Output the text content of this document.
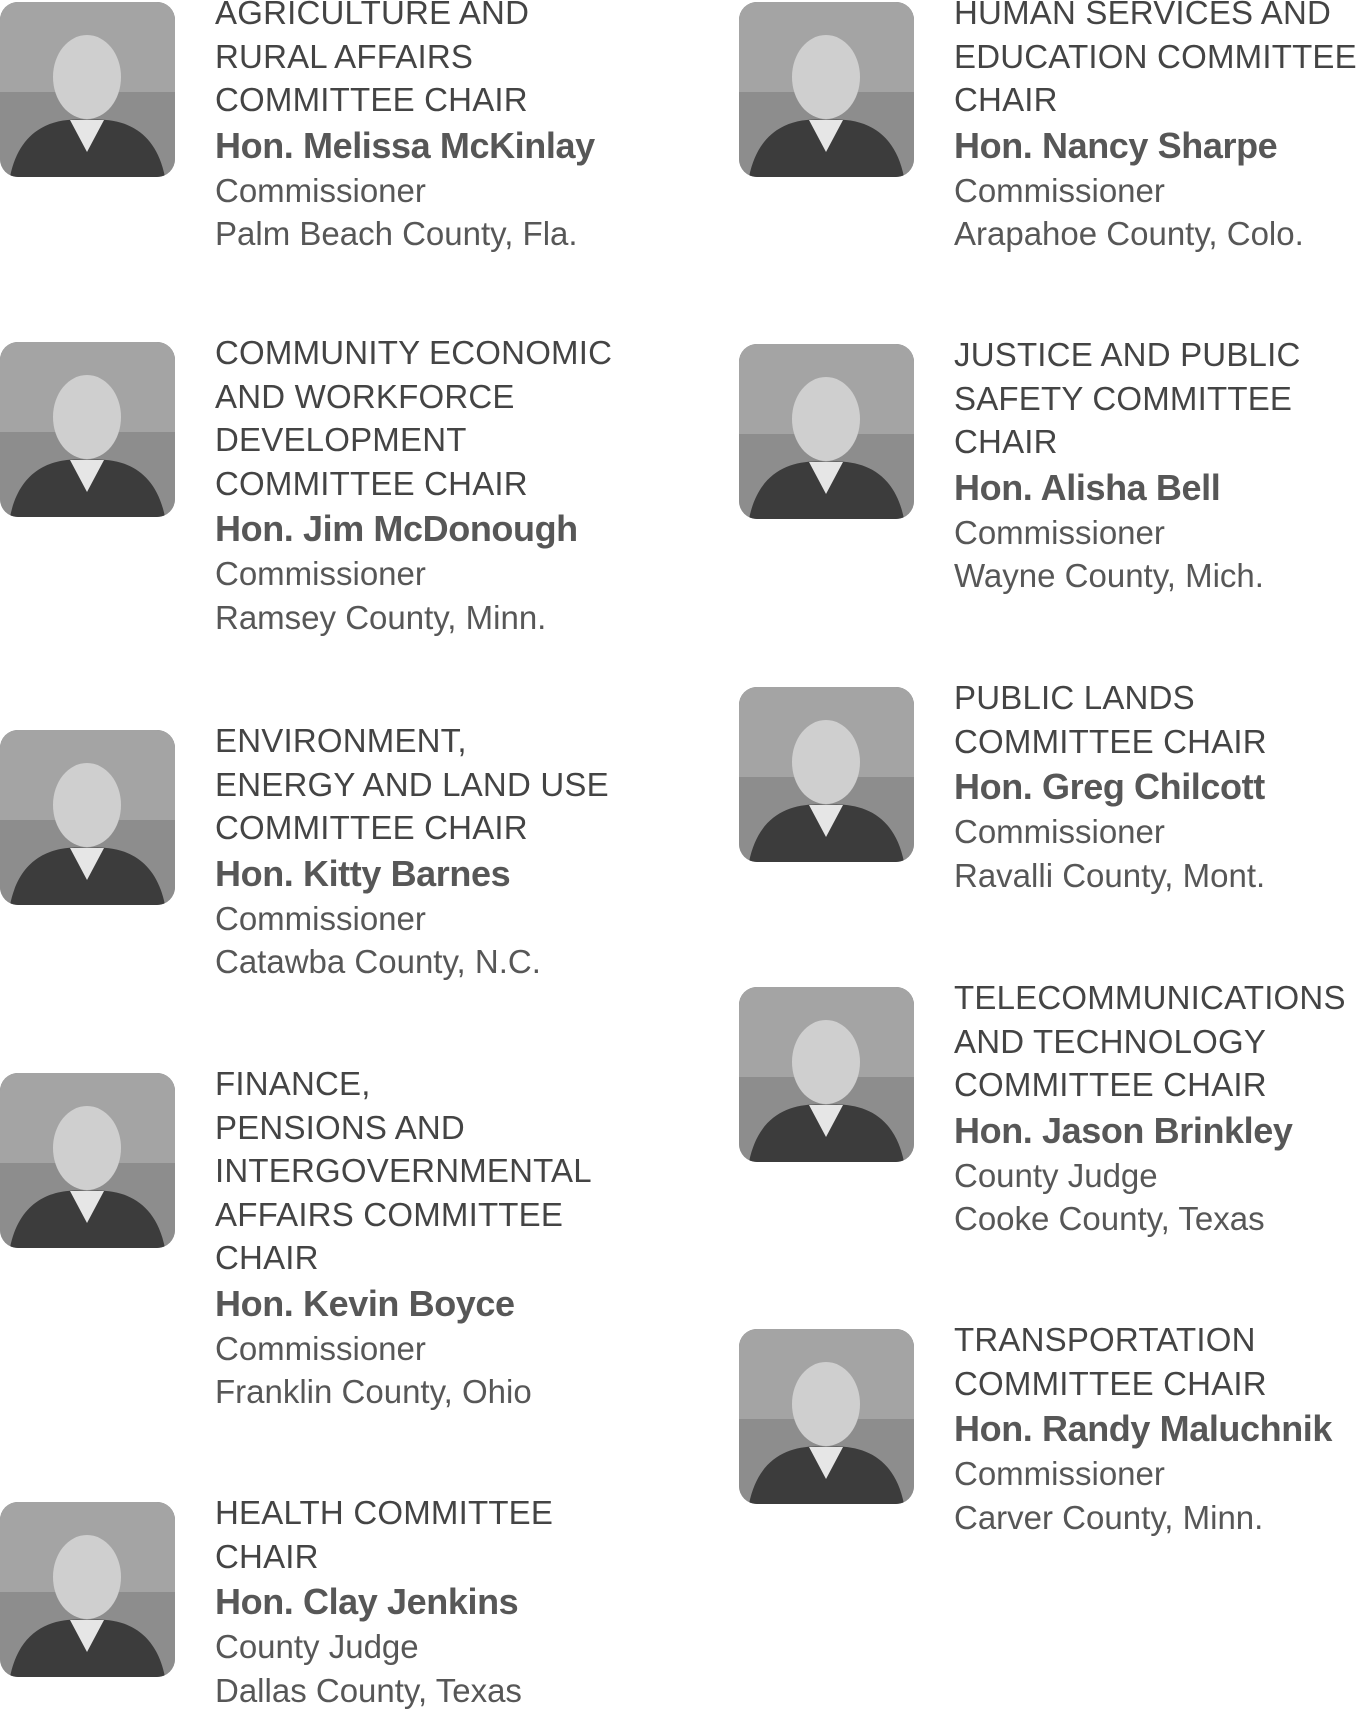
AGRICULTURE AND
RURAL AFFAIRS
COMMITTEE CHAIR
Hon. Melissa McKinlay
Commissioner
Palm Beach County, Fla.
COMMUNITY ECONOMIC
AND WORKFORCE
DEVELOPMENT
COMMITTEE CHAIR
Hon. Jim McDonough
Commissioner
Ramsey County, Minn.
ENVIRONMENT,
ENERGY AND LAND USE
COMMITTEE CHAIR
Hon. Kitty Barnes
Commissioner
Catawba County, N.C.
FINANCE,
PENSIONS AND
INTERGOVERNMENTAL
AFFAIRS COMMITTEE
CHAIR
Hon. Kevin Boyce
Commissioner
Franklin County, Ohio
HEALTH COMMITTEE
CHAIR
Hon. Clay Jenkins
County Judge
Dallas County, Texas
HUMAN SERVICES AND
EDUCATION COMMITTEE
CHAIR
Hon. Nancy Sharpe
Commissioner
Arapahoe County, Colo.
JUSTICE AND PUBLIC
SAFETY COMMITTEE
CHAIR
Hon. Alisha Bell
Commissioner
Wayne County, Mich.
PUBLIC LANDS
COMMITTEE CHAIR
Hon. Greg Chilcott
Commissioner
Ravalli County, Mont.
TELECOMMUNICATIONS
AND TECHNOLOGY
COMMITTEE CHAIR
Hon. Jason Brinkley
County Judge
Cooke County, Texas
TRANSPORTATION
COMMITTEE CHAIR
Hon. Randy Maluchnik
Commissioner
Carver County, Minn.
